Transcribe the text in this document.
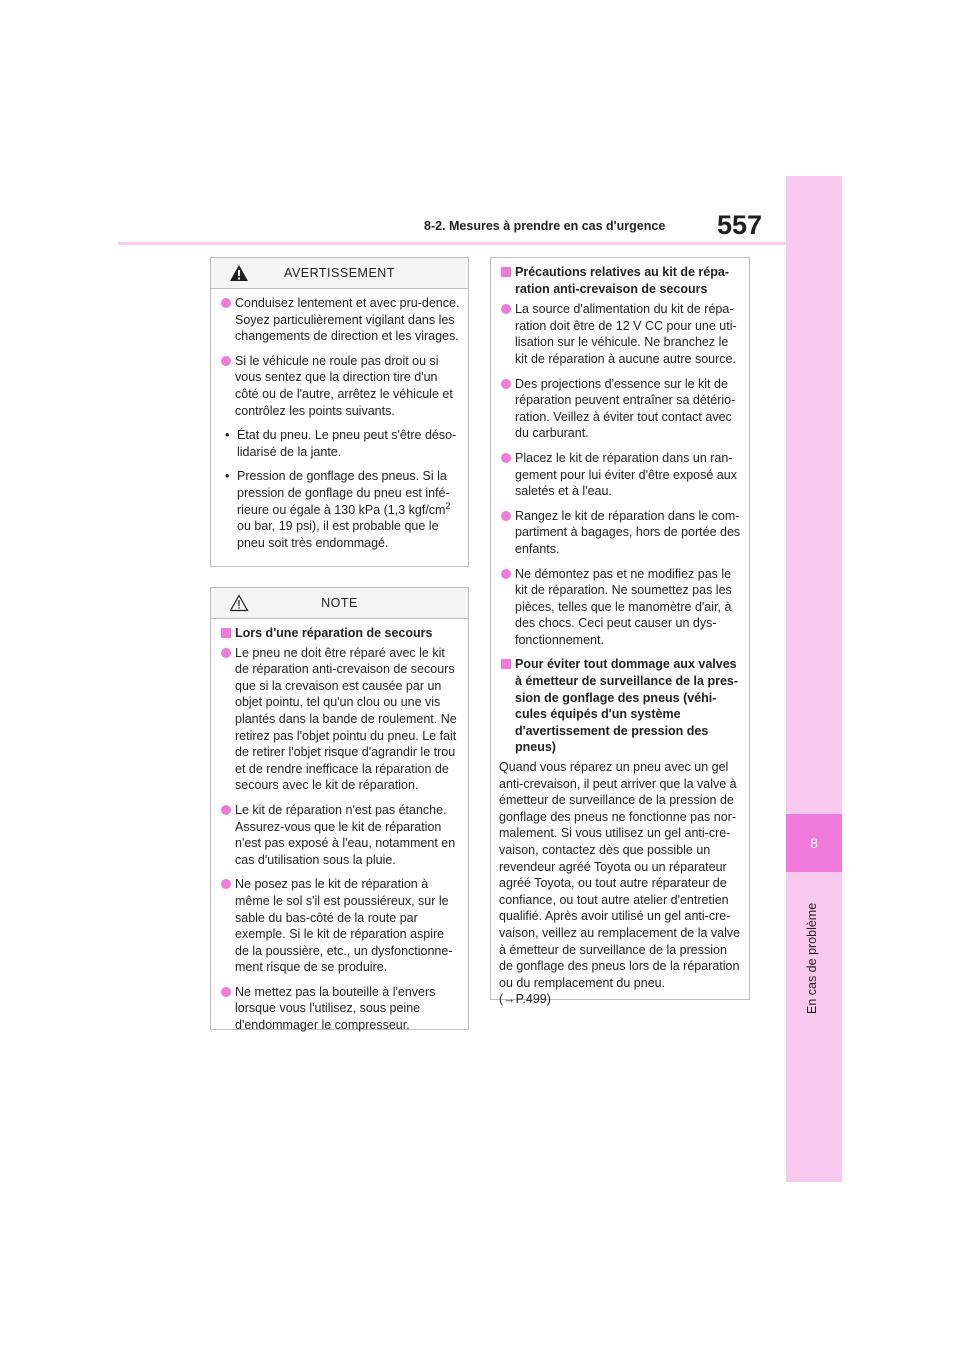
8
En cas de problème
8-2. Mesures à prendre en cas d'urgence 557
AVERTISSEMENT
Conduisez lentement et avec pru-dence. Soyez particulièrement vigilant dans les changements de direction et les virages.
Si le véhicule ne roule pas droit ou si vous sentez que la direction tire d'un côté ou de l'autre, arrêtez le véhicule et contrôlez les points suivants.
• État du pneu. Le pneu peut s'être déso-lidarisé de la jante.
• Pression de gonflage des pneus. Si la pression de gonflage du pneu est infé-rieure ou égale à 130 kPa (1,3 kgf/$cm^2$ ou bar, 19 psi), il est probable que le pneu soit très endommagé.
NOTE
Lors d'une réparation de secours
Le pneu ne doit être réparé avec le kit de réparation anti-crevaison de secours que si la crevaison est causée par un objet pointu, tel qu'un clou ou une vis plantés dans la bande de roulement. Ne retirez pas l'objet pointu du pneu. Le fait de retirer l'objet risque d'agrandir le trou et de rendre inefficace la réparation de secours avec le kit de réparation.
Le kit de réparation n'est pas étanche. Assurez-vous que le kit de réparation n'est pas exposé à l'eau, notamment en cas d'utilisation sous la pluie.
Ne posez pas le kit de réparation à même le sol s'il est poussiéreux, sur le sable du bas-côté de la route par exemple. Si le kit de réparation aspire de la poussière, etc., un dysfonctionne-ment risque de se produire.
Ne mettez pas la bouteille à l'envers lorsque vous l'utilisez, sous peine d'endommager le compresseur.
Précautions relatives au kit de répa-ration anti-crevaison de secours
La source d'alimentation du kit de répa-ration doit être de 12 V CC pour une uti-lisation sur le véhicule. Ne branchez le kit de réparation à aucune autre source.
Des projections d'essence sur le kit de réparation peuvent entraîner sa détério-ration. Veillez à éviter tout contact avec du carburant.
Placez le kit de réparation dans un ran-gement pour lui éviter d'être exposé aux saletés et à l'eau.
Rangez le kit de réparation dans le com-partiment à bagages, hors de portée des enfants.
Ne démontez pas et ne modifiez pas le kit de réparation. Ne soumettez pas les pièces, telles que le manomètre d'air, à des chocs. Ceci peut causer un dys-fonctionnement.
Pour éviter tout dommage aux valves à émetteur de surveillance de la pres-sion de gonflage des pneus (véhi-cules équipés d'un système d'avertissement de pression des pneus)
Quand vous réparez un pneu avec un gel anti-crevaison, il peut arriver que la valve à émetteur de surveillance de la pression de gonflage des pneus ne fonctionne pas nor-malement. Si vous utilisez un gel anti-cre-vaison, contactez dès que possible un revendeur agréé Toyota ou un réparateur agréé Toyota, ou tout autre réparateur de confiance, ou tout autre atelier d'entretien qualifié. Après avoir utilisé un gel anti-cre-vaison, veillez au remplacement de la valve à émetteur de surveillance de la pression de gonflage des pneus lors de la réparation ou du remplacement du pneu.
(→P.499)
